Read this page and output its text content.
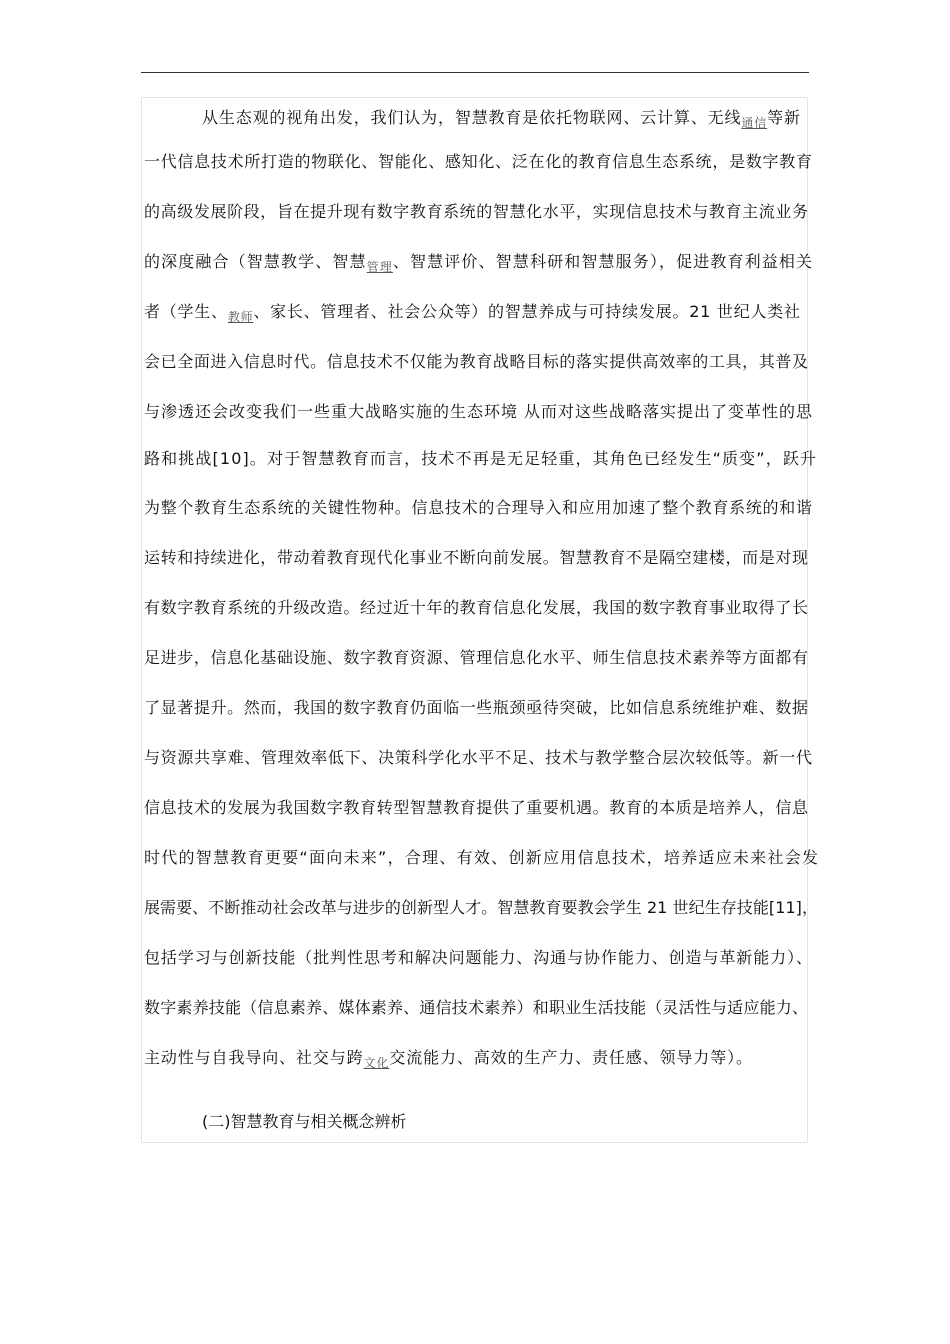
从生态观的视角出发，我们认为，智慧教育是依托物联网、云计算、无线$_{通信}$等新
一代信息技术所打造的物联化、智能化、感知化、泛在化的教育信息生态系统，是数字教育
的高级发展阶段，旨在提升现有数字教育系统的智慧化水平，实现信息技术与教育主流业务
的深度融合（智慧教学、智慧$_{管理}$、智慧评价、智慧科研和智慧服务），促进教育利益相关
者（学生、$_{教师}$、家长、管理者、社会公众等）的智慧养成与可持续发展。21 世纪人类社
会已全面进入信息时代。信息技术不仅能为教育战略目标的落实提供高效率的工具，其普及
与渗透还会改变我们一些重大战略实施的生态环境 从而对这些战略落实提出了变革性的思
路和挑战[10]。对于智慧教育而言，技术不再是无足轻重，其角色已经发生“质变”，跃升
为整个教育生态系统的关键性物种。信息技术的合理导入和应用加速了整个教育系统的和谐
运转和持续进化，带动着教育现代化事业不断向前发展。智慧教育不是隔空建楼，而是对现
有数字教育系统的升级改造。经过近十年的教育信息化发展，我国的数字教育事业取得了长
足进步，信息化基础设施、数字教育资源、管理信息化水平、师生信息技术素养等方面都有
了显著提升。然而，我国的数字教育仍面临一些瓶颈亟待突破，比如信息系统维护难、数据
与资源共享难、管理效率低下、决策科学化水平不足、技术与教学整合层次较低等。新一代
信息技术的发展为我国数字教育转型智慧教育提供了重要机遇。教育的本质是培养人，信息
时代的智慧教育更要“面向未来”，合理、有效、创新应用信息技术，培养适应未来社会发
展需要、不断推动社会改革与进步的创新型人才。智慧教育要教会学生 21 世纪生存技能[11]，
包括学习与创新技能（批判性思考和解决问题能力、沟通与协作能力、创造与革新能力）、
数字素养技能（信息素养、媒体素养、通信技术素养）和职业生活技能（灵活性与适应能力、
主动性与自我导向、社交与跨$_{文化}$交流能力、高效的生产力、责任感、领导力等）。
(二)智慧教育与相关概念辨析
